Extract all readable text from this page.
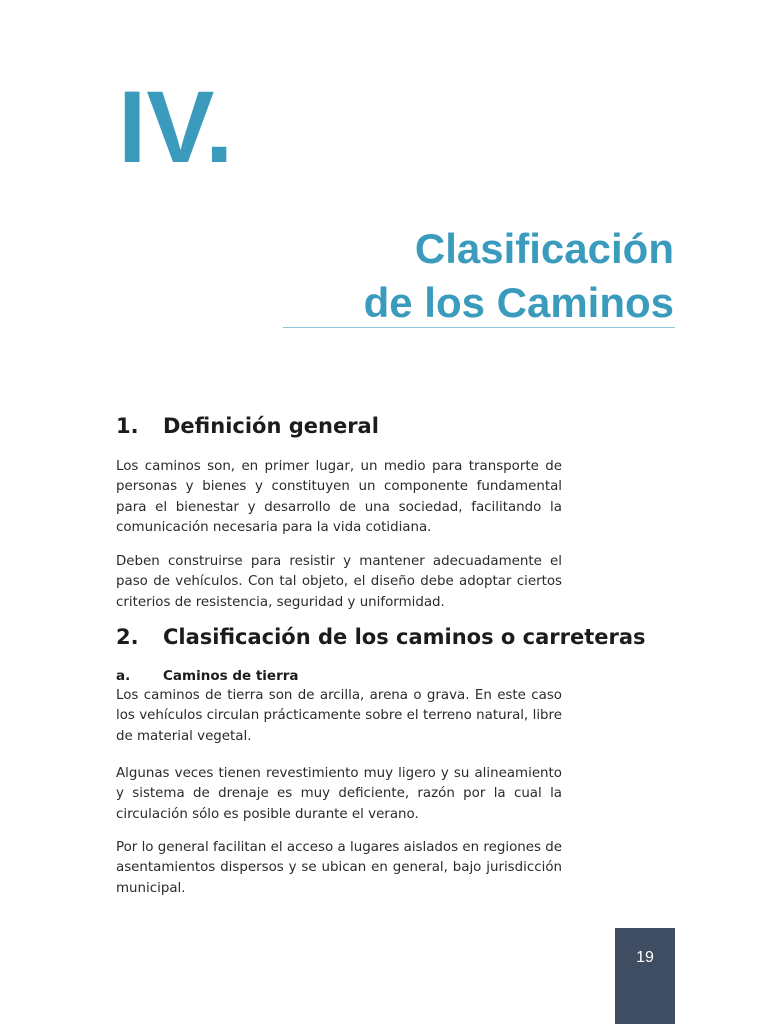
IV.
Clasificación
de los Caminos
1. Definición general

Los caminos son, en primer lugar, un medio para transporte de personas y bienes y constituyen un componente fundamental para el bienestar y desarrollo de una sociedad, facilitando la comunicación necesaria para la vida cotidiana.

Deben construirse para resistir y mantener adecuadamente el paso de vehículos. Con tal objeto, el diseño debe adoptar ciertos criterios de resistencia, seguridad y uniformidad.

2. Clasificación de los caminos o carreteras
a. Caminos de tierra

Los caminos de tierra son de arcilla, arena o grava. En este caso los vehículos circulan prácticamente sobre el terreno natural, libre de material vegetal.

Algunas veces tienen revestimiento muy ligero y su alineamiento y sistema de drenaje es muy deficiente, razón por la cual la circulación sólo es posible durante el verano.

Por lo general facilitan el acceso a lugares aislados en regiones de asentamientos dispersos y se ubican en general, bajo jurisdicción municipal.

19
